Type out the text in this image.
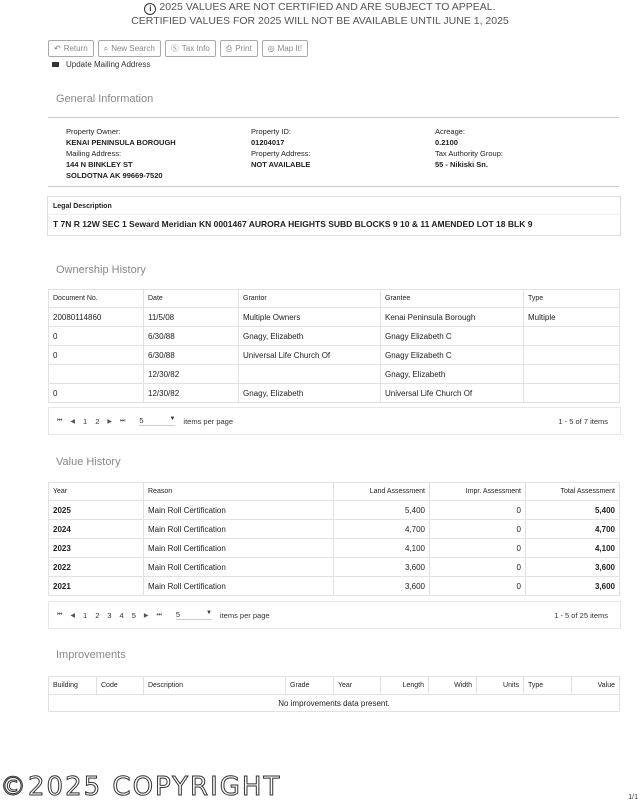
i 2025 VALUES ARE NOT CERTIFIED AND ARE SUBJECT TO APPEAL.
CERTIFIED VALUES FOR 2025 WILL NOT BE AVAILABLE UNTIL JUNE 1, 2025
↶ Return ⌕ New Search Ⓢ Tax Info ⎙ Print ◎ Map It!
Update Mailing Address
General Information
Property Owner:
KENAI PENINSULA BOROUGH
Mailing Address:
144 N BINKLEY ST
SOLDOTNA AK 99669-7520
Property ID:
01204017
Property Address:
NOT AVAILABLE
Acreage:
0.2100
Tax Authority Group:
55 - Nikiski Sn.
Legal Description
T 7N R 12W SEC 1 Seward Meridian KN 0001467 AURORA HEIGHTS SUBD BLOCKS 9 10 & 11 AMENDED LOT 18 BLK 9
Ownership History
Document No.	Date	Grantor	Grantee	Type
20080114860	11/5/08	Multiple Owners	Kenai Peninsula Borough	Multiple
0	6/30/88	Gnagy, Elizabeth	Gnagy Elizabeth C	
0	6/30/88	Universal Life Church Of	Gnagy Elizabeth C	
	12/30/82		Gnagy, Elizabeth	
0	12/30/82	Gnagy, Elizabeth	Universal Life Church Of	
⏮ ◀ 1 2 ▶ ⏭ 5	▼ items per page	1 - 5 of 7 items
Value History
Year	Reason	Land Assessment	Impr. Assessment	Total Assessment
2025	Main Roll Certification	5,400	0	5,400
2024	Main Roll Certification	4,700	0	4,700
2023	Main Roll Certification	4,100	0	4,100
2022	Main Roll Certification	3,600	0	3,600
2021	Main Roll Certification	3,600	0	3,600
⏮ ◀ 1 2 3 4 5 ▶ ⏭ 5	▼ items per page	1 - 5 of 25 items
Improvements
Building	Code	Description	Grade	Year	Length	Width	Units	Type	Value
No improvements data present.
©2025 COPYRIGHT	1/1
